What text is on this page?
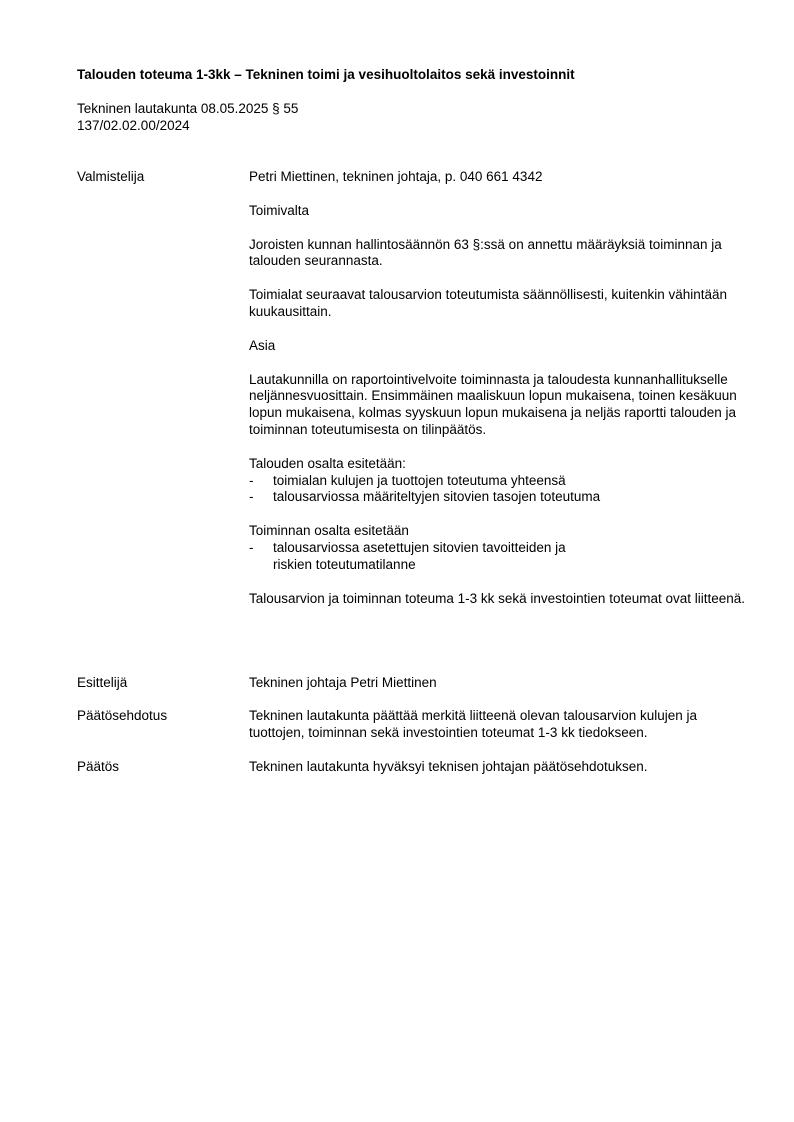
Talouden toteuma 1-3kk – Tekninen toimi ja vesihuoltolaitos sekä investoinnit
Tekninen lautakunta 08.05.2025 § 55
137/02.02.00/2024
Valmistelija	Petri Miettinen, tekninen johtaja, p. 040 661 4342

Toimivalta

Joroisten kunnan hallintosäännön 63 §:ssä on annettu määräyksiä toiminnan ja talouden seurannasta.

Toimialat seuraavat talousarvion toteutumista säännöllisesti, kuitenkin vähintään kuukausittain.

Asia

Lautakunnilla on raportointivelvoite toiminnasta ja taloudesta kunnanhallitukselle neljännesvuosittain. Ensimmäinen maaliskuun lopun mukaisena, toinen kesäkuun lopun mukaisena, kolmas syyskuun lopun mukaisena ja neljäs raportti talouden ja toiminnan toteutumisesta on tilinpäätös.

Talouden osalta esitetään:

- toimialan kulujen ja tuottojen toteutuma yhteensä
- talousarviossa määriteltyjen sitovien tasojen toteutuma

Toiminnan osalta esitetään

- talousarviossa asetettujen sitovien tavoitteiden ja riskien toteutumatilanne

Talousarvion ja toiminnan toteuma 1-3 kk sekä investointien toteumat ovat liitteenä.

Esittelijä	Tekninen johtaja Petri Miettinen
Päätösehdotus	Tekninen lautakunta päättää merkitä liitteenä olevan talousarvion kulujen ja tuottojen, toiminnan sekä investointien toteumat 1-3 kk tiedokseen.
Päätös	Tekninen lautakunta hyväksyi teknisen johtajan päätösehdotuksen.
